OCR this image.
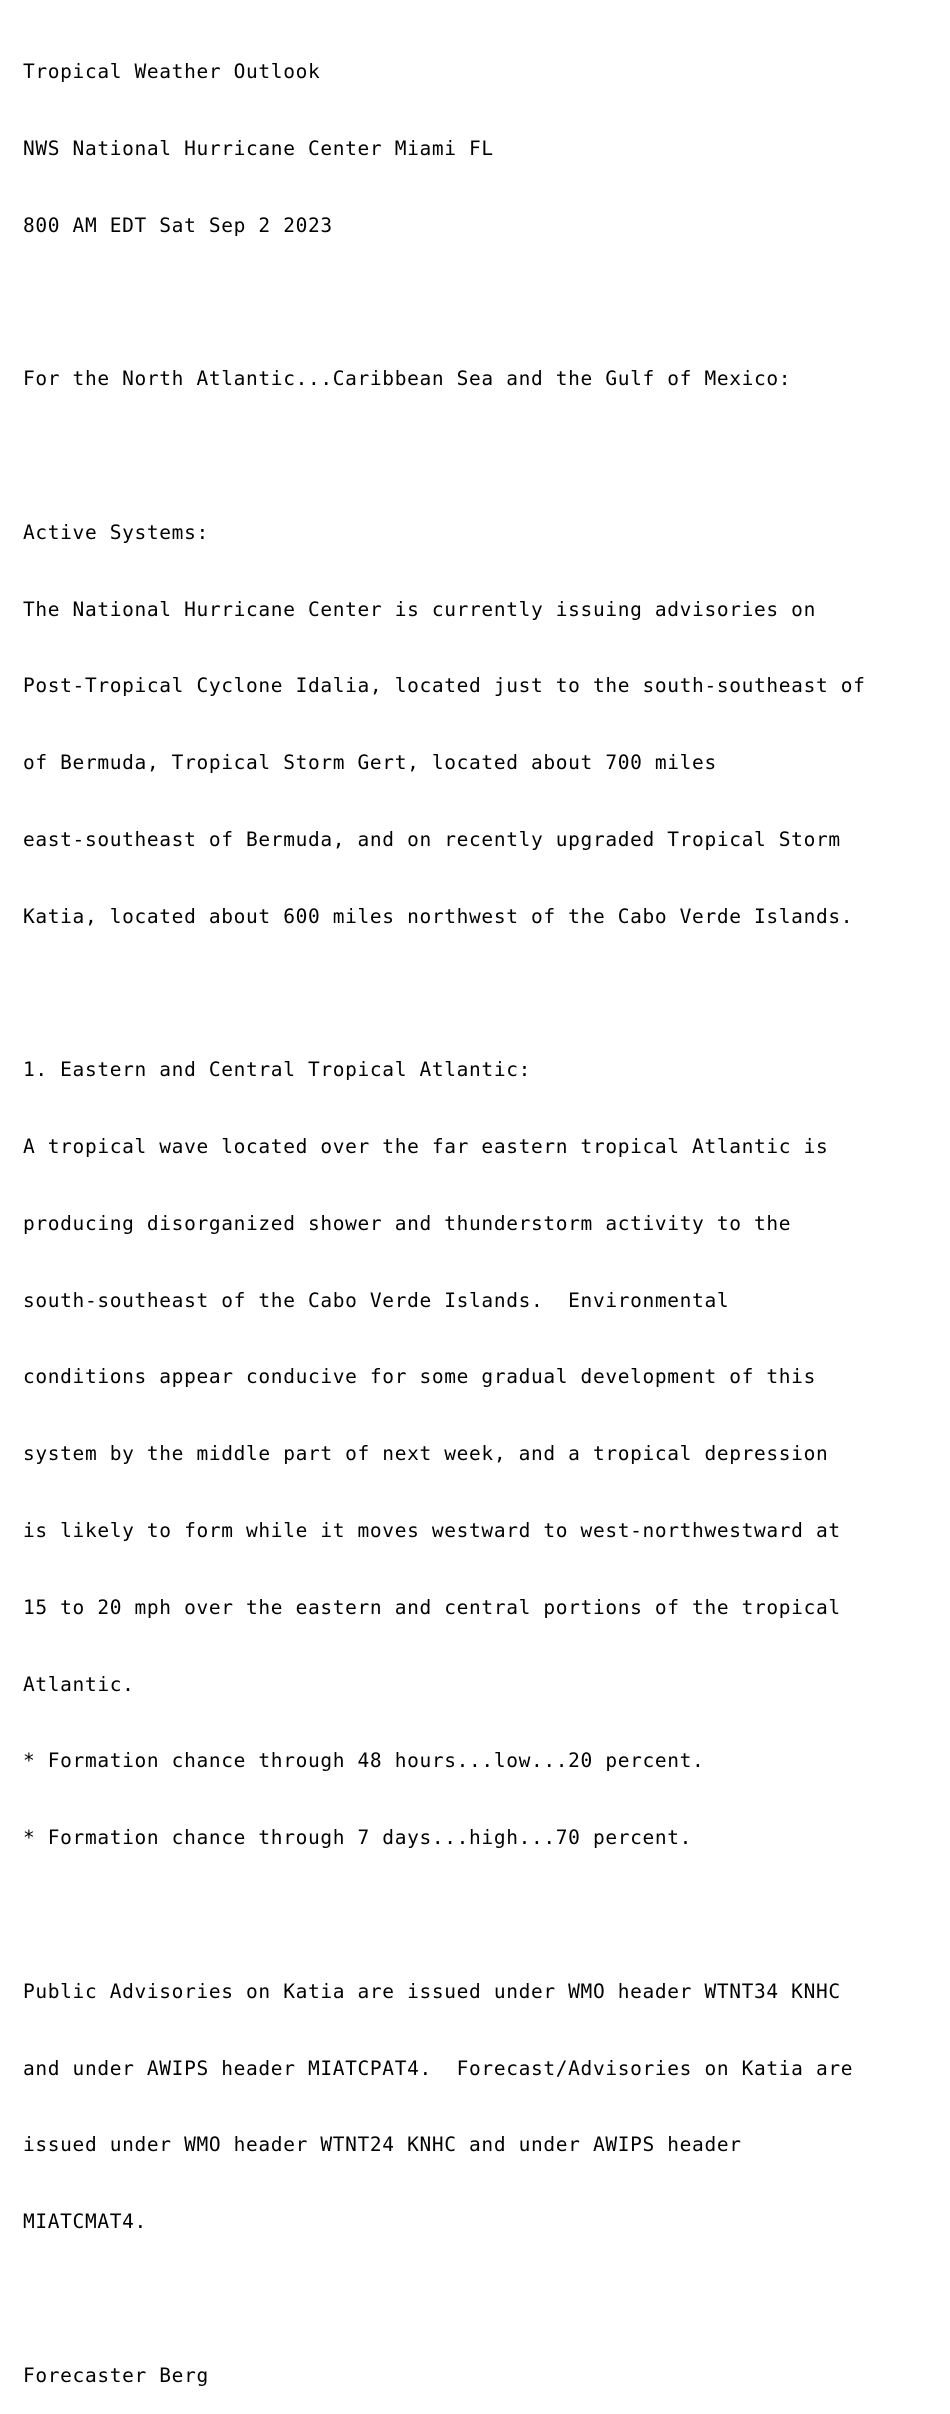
Tropical Weather Outlook

NWS National Hurricane Center Miami FL

800 AM EDT Sat Sep 2 2023

For the North Atlantic...Caribbean Sea and the Gulf of Mexico:

Active Systems:

The National Hurricane Center is currently issuing advisories on

Post-Tropical Cyclone Idalia, located just to the south-southeast of

of Bermuda, Tropical Storm Gert, located about 700 miles

east-southeast of Bermuda, and on recently upgraded Tropical Storm

Katia, located about 600 miles northwest of the Cabo Verde Islands.

1. Eastern and Central Tropical Atlantic:

A tropical wave located over the far eastern tropical Atlantic is

producing disorganized shower and thunderstorm activity to the

south-southeast of the Cabo Verde Islands.  Environmental

conditions appear conducive for some gradual development of this

system by the middle part of next week, and a tropical depression

is likely to form while it moves westward to west-northwestward at

15 to 20 mph over the eastern and central portions of the tropical

Atlantic.

* Formation chance through 48 hours...low...20 percent.

* Formation chance through 7 days...high...70 percent.

Public Advisories on Katia are issued under WMO header WTNT34 KNHC

and under AWIPS header MIATCPAT4.  Forecast/Advisories on Katia are

issued under WMO header WTNT24 KNHC and under AWIPS header

MIATCMAT4.

Forecaster Berg
